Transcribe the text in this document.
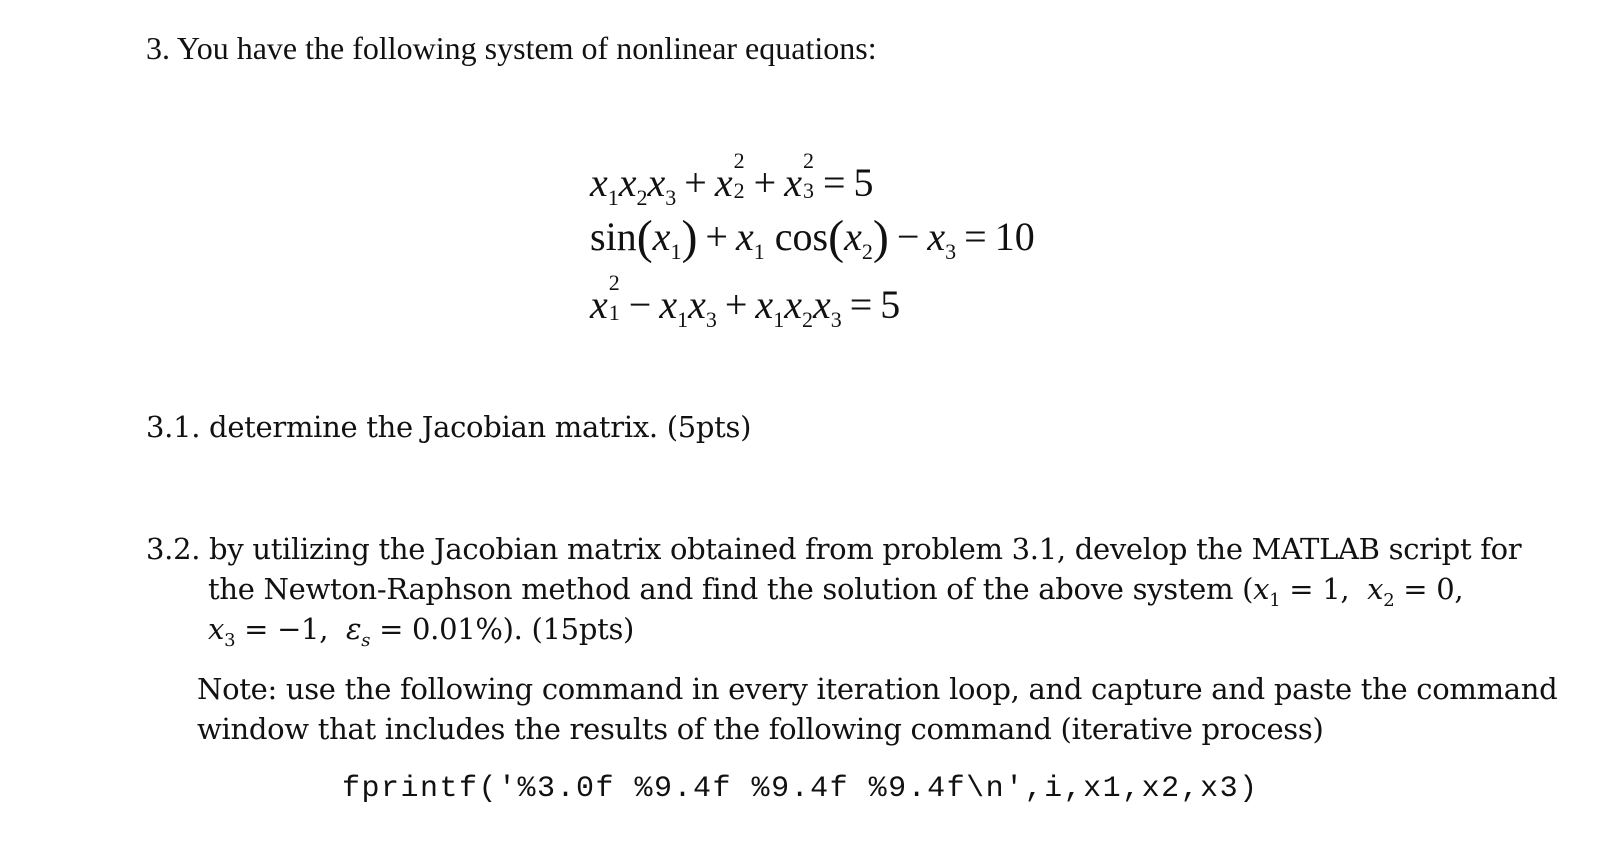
3. You have the following system of nonlinear equations:
$x_1x_2x_3 + x$ 2
2 + x 2
3 = 5
$\sin(x_1) + x_1$ $\cos(x_2) - x_3 = 10$
x 2
$1 - x_1x_3 + x_1x_2x_3 = 5$
3.1. determine the Jacobian matrix. (5pts)
3.2. by utilizing the Jacobian matrix obtained from problem 3.1, develop the MATLAB script for
the Newton-Raphson method and find the solution of the above system ($x_1 = 1$,  $x_2 = 0$,
$x_3 = -1$,  $\varepsilon_s = 0.01\%$). (15pts)
Note: use the following command in every iteration loop, and capture and paste the command
window that includes the results of the following command (iterative process)
fprintf('%3.0f %9.4f %9.4f %9.4f\n',i,x1,x2,x3)
